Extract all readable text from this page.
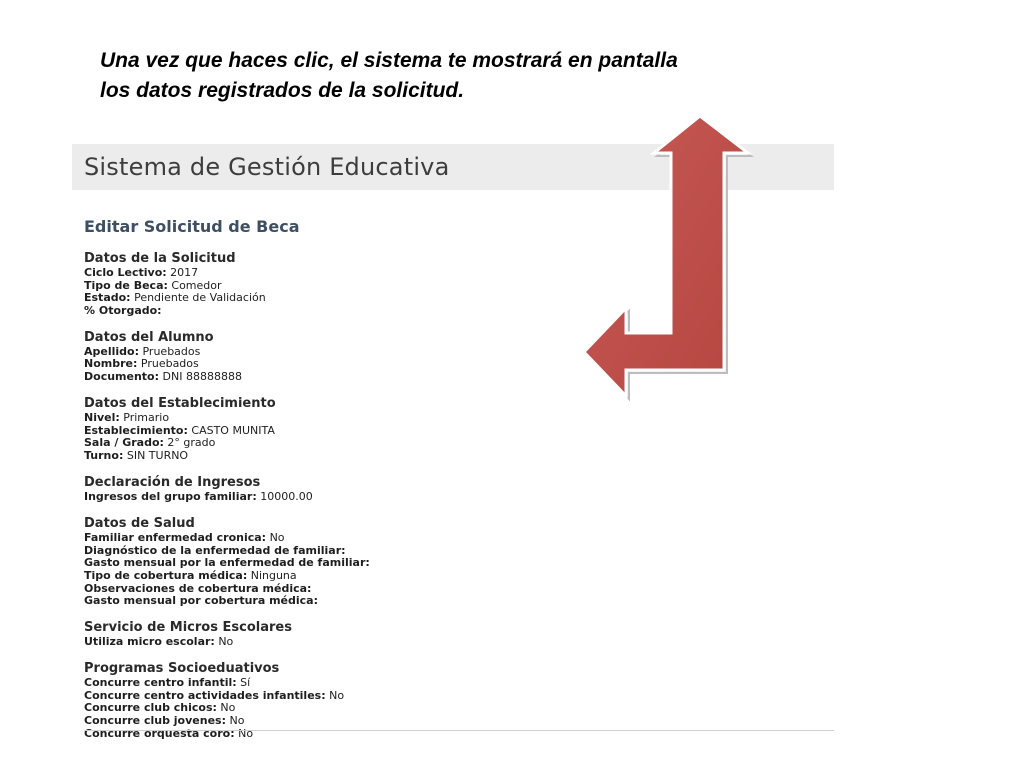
Una vez que haces clic, el sistema te mostrará en pantalla
los datos registrados de la solicitud.
Sistema de Gestión Educativa
Editar Solicitud de Beca
Datos de la Solicitud
Ciclo Lectivo: 2017
Tipo de Beca: Comedor
Estado: Pendiente de Validación
% Otorgado:
Datos del Alumno
Apellido: Pruebados
Nombre: Pruebados
Documento: DNI 88888888
Datos del Establecimiento
Nivel: Primario
Establecimiento: CASTO MUNITA
Sala / Grado: 2° grado
Turno: SIN TURNO
Declaración de Ingresos
Ingresos del grupo familiar: 10000.00
Datos de Salud
Familiar enfermedad cronica: No
Diagnóstico de la enfermedad de familiar:
Gasto mensual por la enfermedad de familiar:
Tipo de cobertura médica: Ninguna
Observaciones de cobertura médica:
Gasto mensual por cobertura médica:
Servicio de Micros Escolares
Utiliza micro escolar: No
Programas Socioeduativos
Concurre centro infantil: Sí
Concurre centro actividades infantiles: No
Concurre club chicos: No
Concurre club jovenes: No
Concurre orquesta coro: No
